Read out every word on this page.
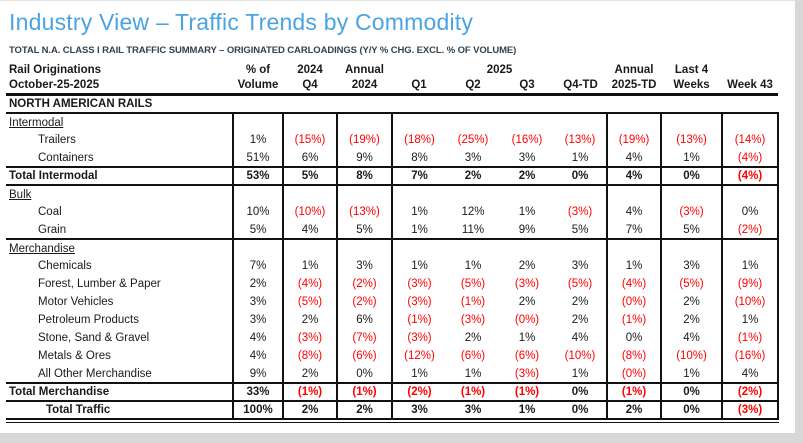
Industry View – Traffic Trends by Commodity
TOTAL N.A. CLASS I RAIL TRAFFIC SUMMARY – ORIGINATED CARLOADINGS (Y/Y % CHG. EXCL. % OF VOLUME)
Rail Originations	% of	2024	Annual	2025				Annual	Last 4	
October-25-2025	Volume	Q4	2024	Q1	Q2	Q3	Q4-TD	2025-TD	Weeks	Week 43
NORTH AMERICAN RAILS										
Intermodal										
Trailers	1%	(15%)	(19%)	(18%)	(25%)	(16%)	(13%)	(19%)	(13%)	(14%)
Containers	51%	6%	9%	8%	3%	3%	1%	4%	1%	(4%)
Total Intermodal	53%	5%	8%	7%	2%	2%	0%	4%	0%	(4%)
Bulk										
Coal	10%	(10%)	(13%)	1%	12%	1%	(3%)	4%	(3%)	0%
Grain	5%	4%	5%	1%	11%	9%	5%	7%	5%	(2%)
Merchandise										
Chemicals	7%	1%	3%	1%	1%	2%	3%	1%	3%	1%
Forest, Lumber & Paper	2%	(4%)	(2%)	(3%)	(5%)	(3%)	(5%)	(4%)	(5%)	(9%)
Motor Vehicles	3%	(5%)	(2%)	(3%)	(1%)	2%	2%	(0%)	2%	(10%)
Petroleum Products	3%	2%	6%	(1%)	(3%)	(0%)	2%	(1%)	2%	1%
Stone, Sand & Gravel	4%	(3%)	(7%)	(3%)	2%	1%	4%	0%	4%	(1%)
Metals & Ores	4%	(8%)	(6%)	(12%)	(6%)	(6%)	(10%)	(8%)	(10%)	(16%)
All Other Merchandise	9%	2%	0%	1%	1%	(3%)	1%	(0%)	1%	4%
Total Merchandise	33%	(1%)	(1%)	(2%)	(1%)	(1%)	0%	(1%)	0%	(2%)
Total Traffic	100%	2%	2%	3%	3%	1%	0%	2%	0%	(3%)
